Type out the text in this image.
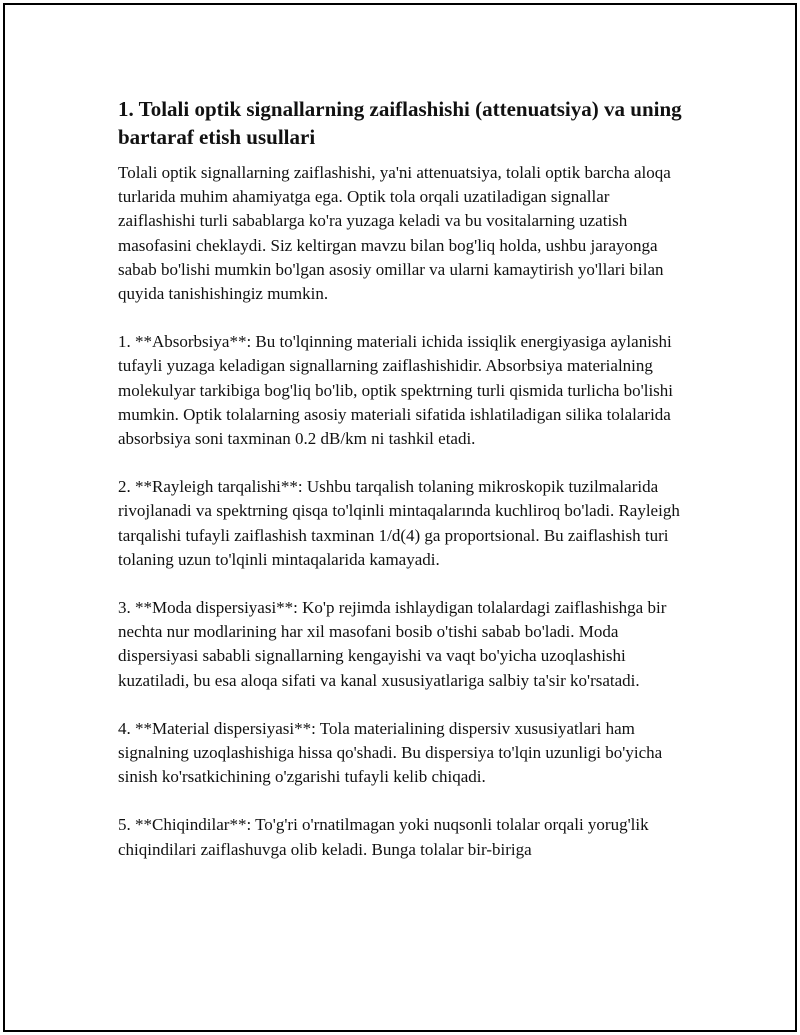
1. Tolali optik signallarning zaiflashishi (attenuatsiya) va uning bartaraf etish usullari

Tolali optik signallarning zaiflashishi, ya'ni attenuatsiya, tolali optik barcha aloqa turlarida muhim ahamiyatga ega. Optik tola orqali uzatiladigan signallar zaiflashishi turli sabablarga ko'ra yuzaga keladi va bu vositalarning uzatish masofasini cheklaydi. Siz keltirgan mavzu bilan bog'liq holda, ushbu jarayonga sabab bo'lishi mumkin bo'lgan asosiy omillar va ularni kamaytirish yo'llari bilan quyida tanishishingiz mumkin.

1. **Absorbsiya**: Bu to'lqinning materiali ichida issiqlik energiyasiga aylanishi tufayli yuzaga keladigan signallarning zaiflashishidir. Absorbsiya materialning molekulyar tarkibiga bog'liq bo'lib, optik spektrning turli qismida turlicha bo'lishi mumkin. Optik tolalarning asosiy materiali sifatida ishlatiladigan silika tolalarida absorbsiya soni taxminan 0.2 dB/km ni tashkil etadi.

2. **Rayleigh tarqalishi**: Ushbu tarqalish tolaning mikroskopik tuzilmalarida rivojlanadi va spektrning qisqa to'lqinli mintaqalarında kuchliroq bo'ladi. Rayleigh tarqalishi tufayli zaiflashish taxminan 1/d(4) ga proportsional. Bu zaiflashish turi tolaning uzun to'lqinli mintaqalarida kamayadi.

3. **Moda dispersiyasi**: Ko'p rejimda ishlaydigan tolalardagi zaiflashishga bir nechta nur modlarining har xil masofani bosib o'tishi sabab bo'ladi. Moda dispersiyasi sababli signallarning kengayishi va vaqt bo'yicha uzoqlashishi kuzatiladi, bu esa aloqa sifati va kanal xususiyatlariga salbiy ta'sir ko'rsatadi.

4. **Material dispersiyasi**: Tola materialining dispersiv xususiyatlari ham signalning uzoqlashishiga hissa qo'shadi. Bu dispersiya to'lqin uzunligi bo'yicha sinish ko'rsatkichining o'zgarishi tufayli kelib chiqadi.

5. **Chiqindilar**: To'g'ri o'rnatilmagan yoki nuqsonli tolalar orqali yorug'lik chiqindilari zaiflashuvga olib keladi. Bunga tolalar bir-biriga
